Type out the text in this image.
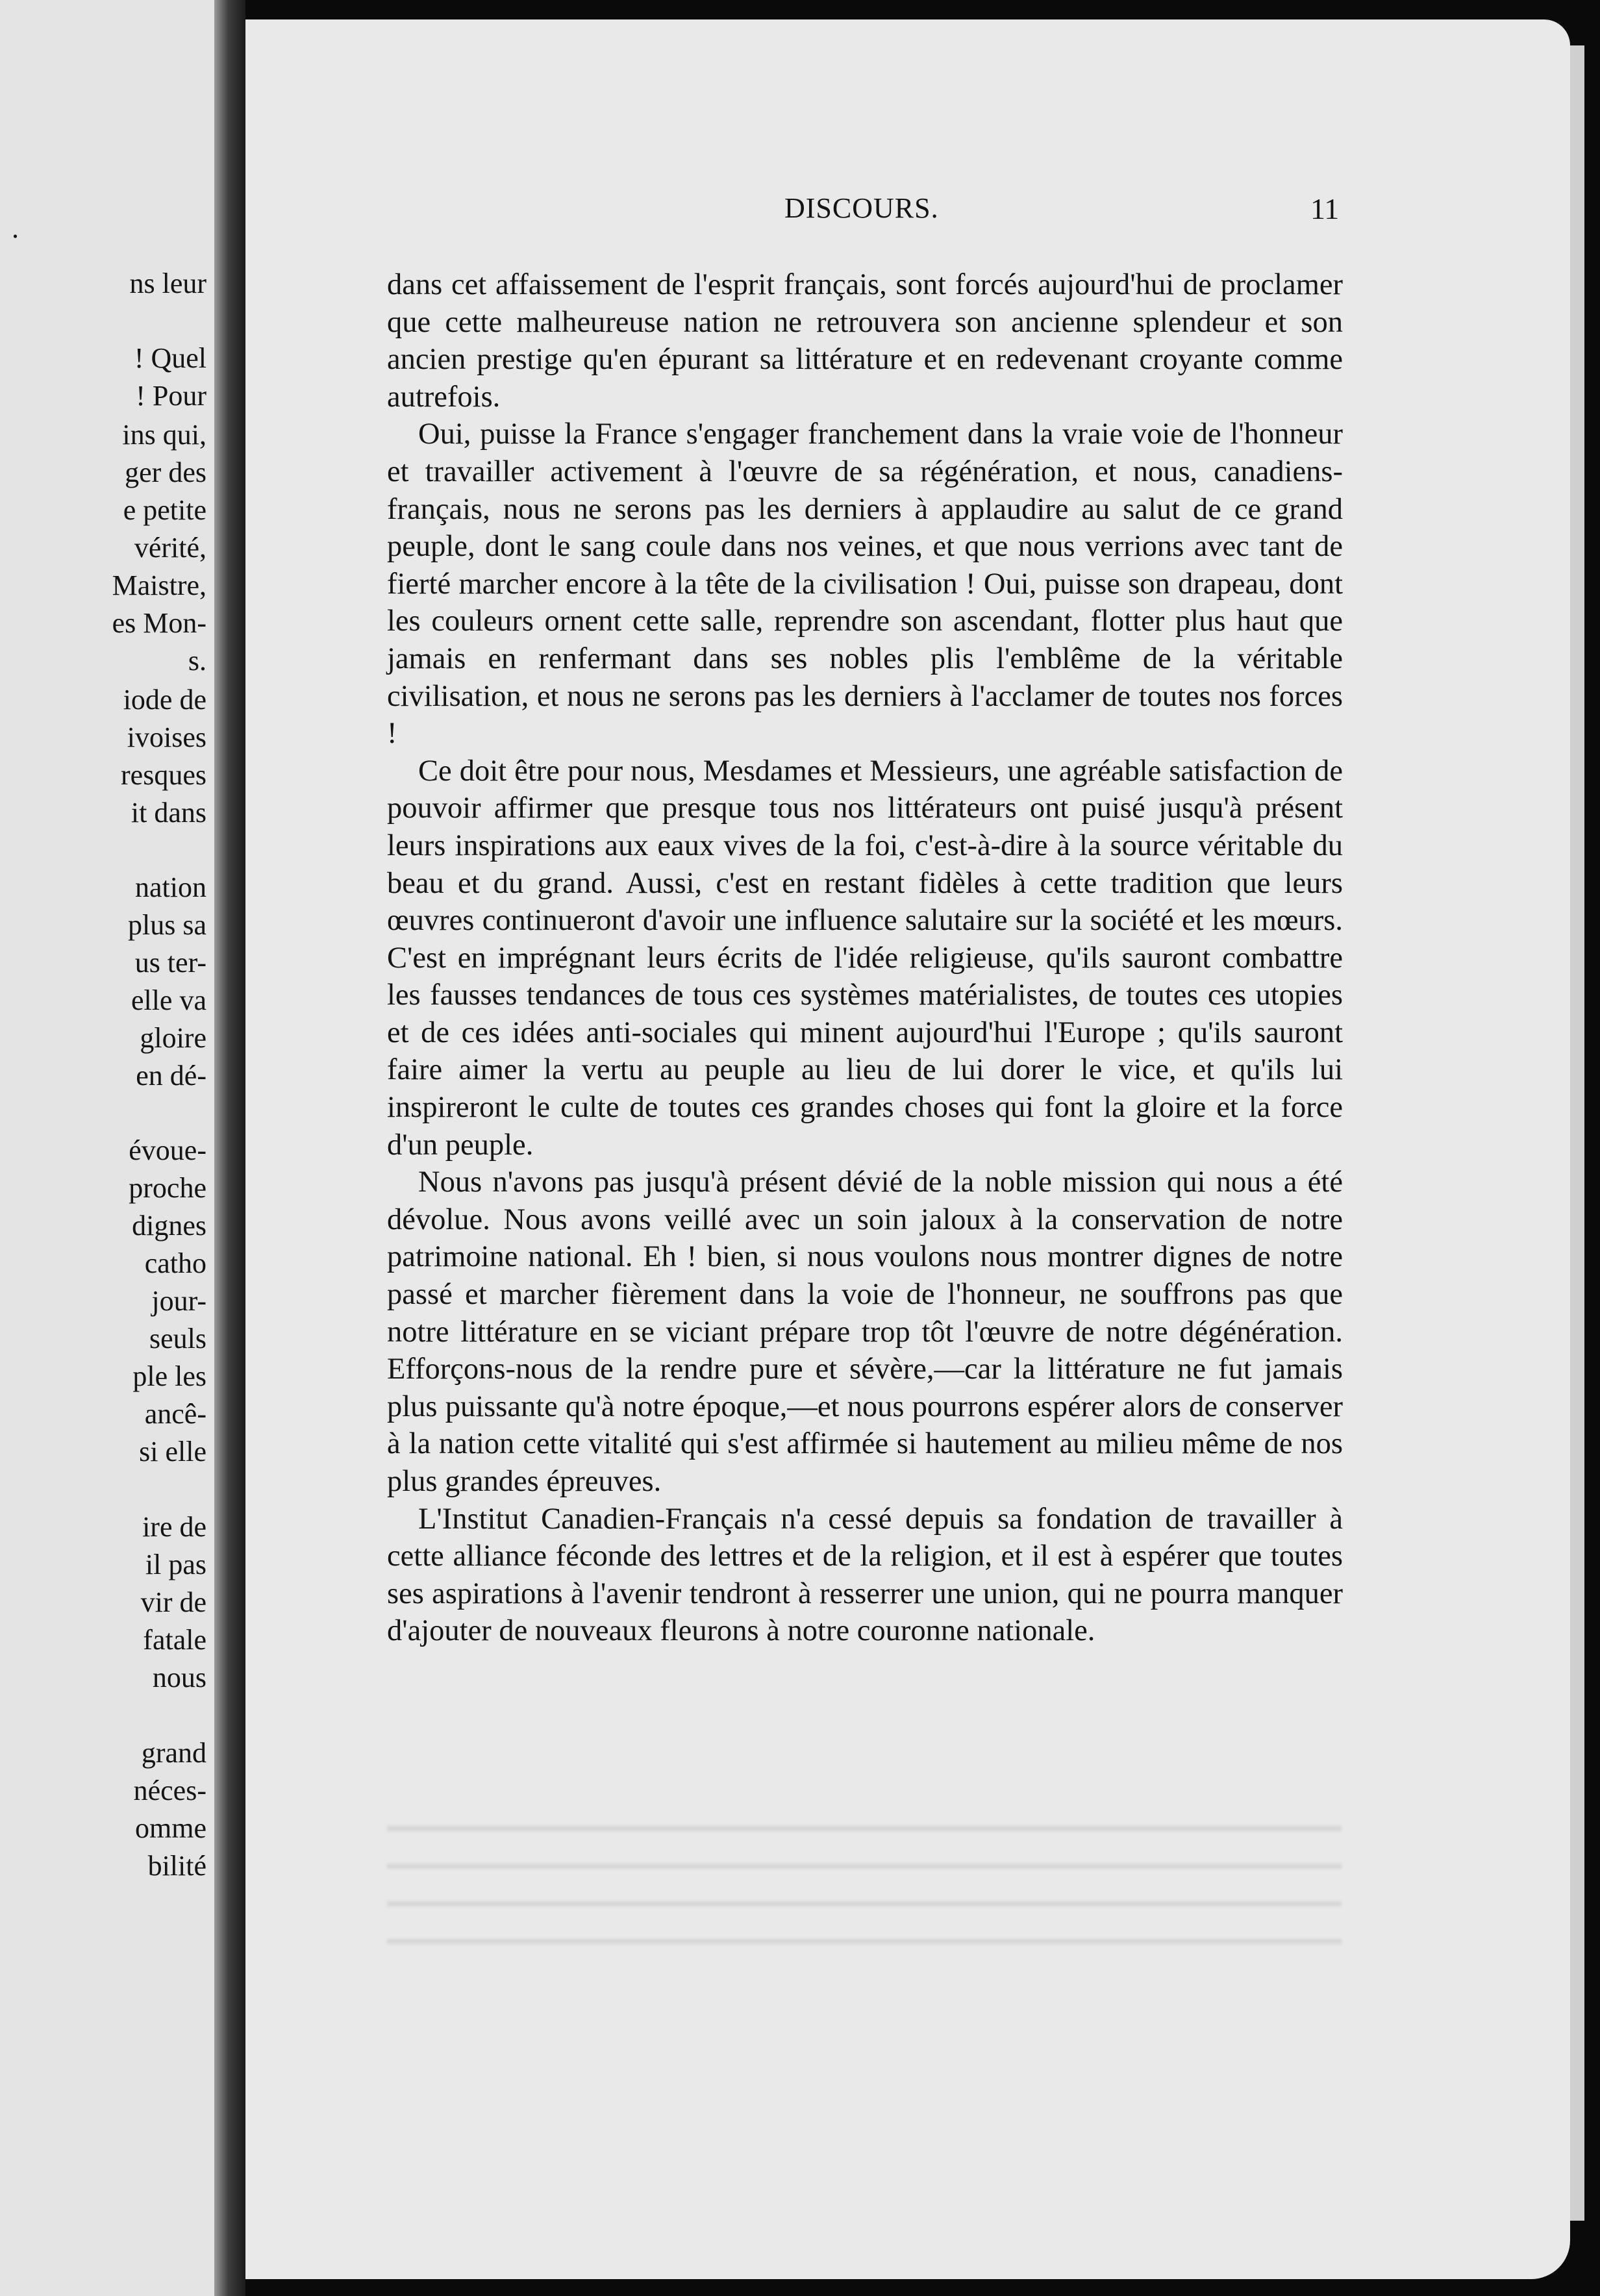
.
ns leur
! Quel
! Pour
ins qui,
ger des
e petite
vérité,
Maistre,
es Mon-
s.
iode de
ivoises
resques
it dans
nation
plus sa
us ter-
elle va
gloire
en dé-
évoue-
proche
dignes
catho
jour-
seuls
ple les
ancê-
si elle
ire de
il pas
vir de
fatale
nous
grand
néces-
omme
bilité
DISCOURS.	11

dans cet affaissement de l'esprit français, sont forcés aujourd'hui de proclamer que cette malheureuse nation ne retrouvera son ancienne splendeur et son ancien prestige qu'en épurant sa littérature et en redevenant croyante comme autrefois.

Oui, puisse la France s'engager franchement dans la vraie voie de l'honneur et travailler activement à l'œuvre de sa régénération, et nous, canadiens-français, nous ne serons pas les derniers à applaudire au salut de ce grand peuple, dont le sang coule dans nos veines, et que nous verrions avec tant de fierté marcher encore à la tête de la civilisation ! Oui, puisse son drapeau, dont les couleurs ornent cette salle, reprendre son ascendant, flotter plus haut que jamais en renfermant dans ses nobles plis l'emblême de la véritable civilisation, et nous ne serons pas les derniers à l'acclamer de toutes nos forces !

Ce doit être pour nous, Mesdames et Messieurs, une agréable satisfaction de pouvoir affirmer que presque tous nos littérateurs ont puisé jusqu'à présent leurs inspirations aux eaux vives de la foi, c'est-à-dire à la source véritable du beau et du grand. Aussi, c'est en restant fidèles à cette tradition que leurs œuvres continueront d'avoir une influence salutaire sur la société et les mœurs. C'est en imprégnant leurs écrits de l'idée religieuse, qu'ils sauront combattre les fausses tendances de tous ces systèmes matérialistes, de toutes ces utopies et de ces idées anti-sociales qui minent aujourd'hui l'Europe ; qu'ils sauront faire aimer la vertu au peuple au lieu de lui dorer le vice, et qu'ils lui inspireront le culte de toutes ces grandes choses qui font la gloire et la force d'un peuple.

Nous n'avons pas jusqu'à présent dévié de la noble mission qui nous a été dévolue. Nous avons veillé avec un soin jaloux à la conservation de notre patrimoine national. Eh ! bien, si nous voulons nous montrer dignes de notre passé et marcher fièrement dans la voie de l'honneur, ne souffrons pas que notre littérature en se viciant prépare trop tôt l'œuvre de notre dégénération. Efforçons-nous de la rendre pure et sévère,—car la littérature ne fut jamais plus puissante qu'à notre époque,—et nous pourrons espérer alors de conserver à la nation cette vitalité qui s'est affirmée si hautement au milieu même de nos plus grandes épreuves.

L'Institut Canadien-Français n'a cessé depuis sa fondation de travailler à cette alliance féconde des lettres et de la religion, et il est à espérer que toutes ses aspirations à l'avenir tendront à resserrer une union, qui ne pourra manquer d'ajouter de nouveaux fleurons à notre couronne nationale.
